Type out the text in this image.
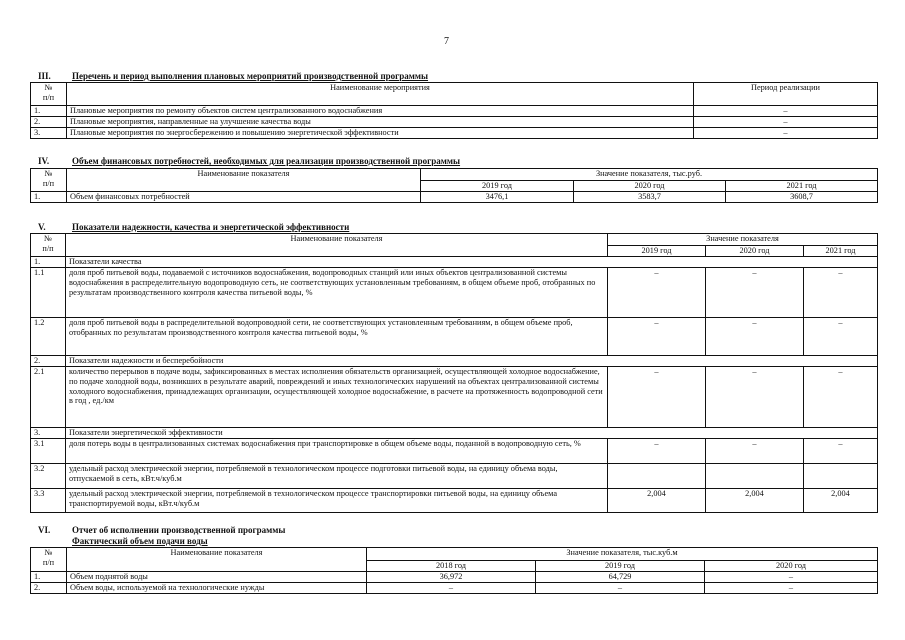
7
III. Перечень и период выполнения плановых мероприятий производственной программы
№
п/п	Наименование мероприятия	Период реализации
1.	Плановые мероприятия по ремонту объектов систем централизованного водоснабжения	–
2.	Плановые мероприятия, направленные на улучшение качества воды	–
3.	Плановые мероприятия по энергосбережению и повышению энергетической эффективности	–
IV.	Объем финансовых потребностей, необходимых для реализации производственной программы
№
п/п	Наименование показателя	Значение показателя, тыс.руб.		
		2019 год	2020 год	2021 год
1.	Объем финансовых потребностей	3476,1	3583,7	3608,7
V.	Показатели надежности, качества и энергетической эффективности
№
п/п	Наименование показателя	Значение показателя		
		2019 год	2020 год	2021 год
1.	Показатели качества			
1.1	доля проб питьевой воды, подаваемой с источников водоснабжения, водопроводных станций или иных объектов централизованной системы водоснабжения в распределительную водопроводную сеть, не соответствующих установленным требованиям, в общем объеме проб, отобранных по результатам производственного контроля качества питьевой воды, %	–	–	–
1.2	доля проб питьевой воды в распределительной водопроводной сети, не соответствующих установленным требованиям, в общем объеме проб, отобранных по результатам производственного контроля качества питьевой воды, %	–	–	–
2.	Показатели надежности и бесперебойности			
2.1	количество перерывов в подаче воды, зафиксированных в местах исполнения обязательств организацией, осуществляющей холодное водоснабжение, по подаче холодной воды, возникших в результате аварий, повреждений и иных технологических нарушений на объектах централизованной системы холодного водоснабжения, принадлежащих организации, осуществляющей холодное водоснабжение, в расчете на протяженность водопроводной сети в год , ед./км	–	–	–
3.	Показатели энергетической эффективности			
3.1	доля потерь воды в централизованных системах водоснабжения при транспортировке в общем объеме воды, поданной в водопроводную сеть, %	–	–	–
3.2	удельный расход электрической энергии, потребляемой в технологическом процессе подготовки питьевой воды, на единицу объема воды, отпускаемой в сеть, кВт.ч/куб.м			
3.3	удельный расход электрической энергии, потребляемой в технологическом процессе транспортировки питьевой воды, на единицу объема транспортируемой воды, кВт.ч/куб.м	2,004	2,004	2,004
VI. Отчет об исполнении производственной программы
Фактический объем подачи воды
№
п/п	Наименование показателя	Значение показателя, тыс.куб.м		
		2018 год	2019 год	2020 год
1.	Объем поднятой воды	36,972	64,729	–
2.	Объем воды, используемой на технологические нужды	–	–	–
